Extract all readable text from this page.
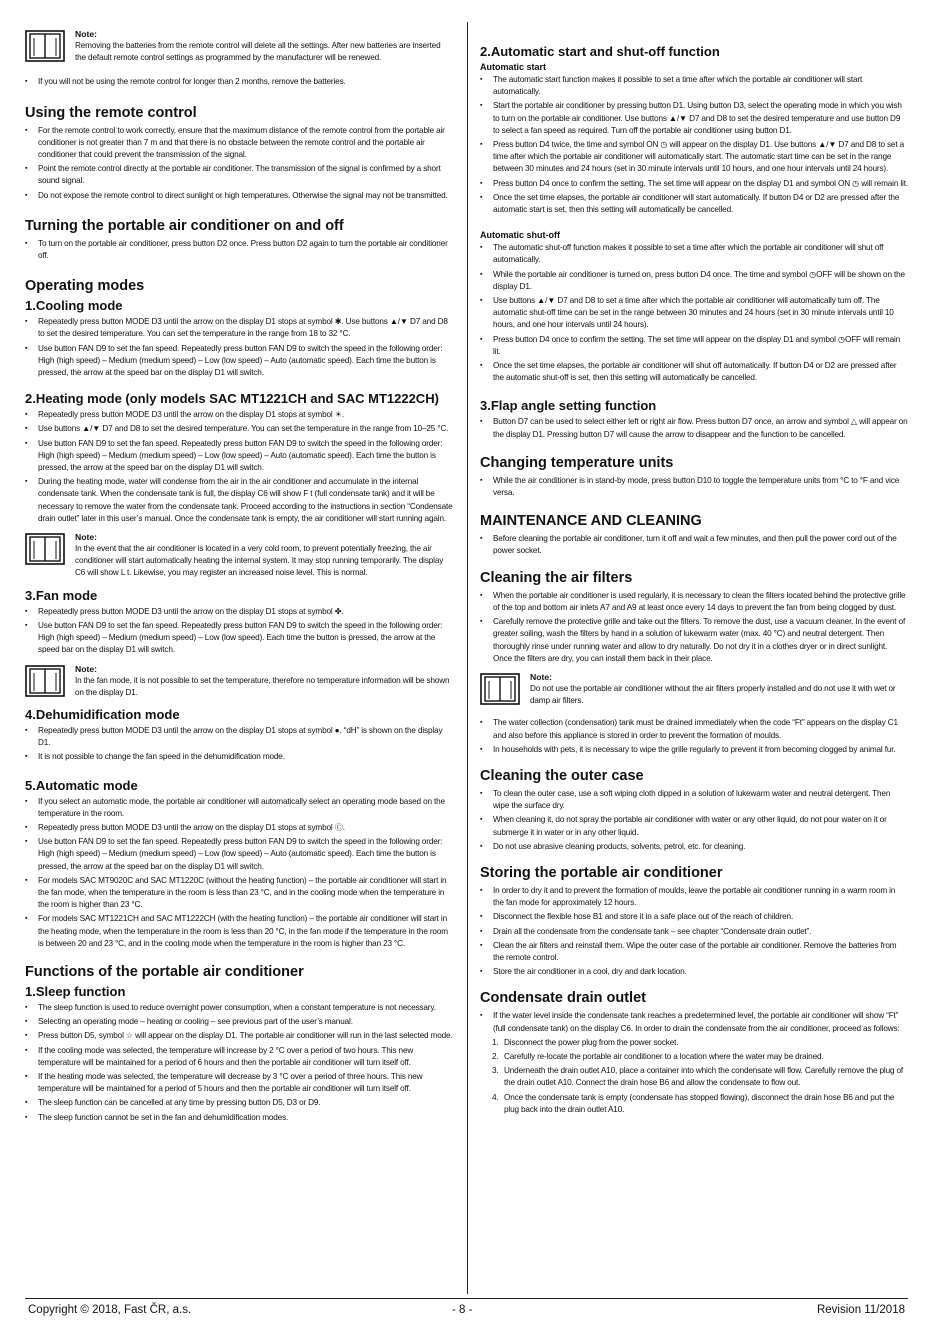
Note:
Removing the batteries from the remote control will delete all the settings. After new batteries are inserted the default remote control settings as programmed by the manufacturer will be renewed.
▪ If you will not be using the remote control for longer than 2 months, remove the batteries.
Using the remote control
▪ For the remote control to work correctly, ensure that the maximum distance of the remote control from the portable air conditioner is not greater than 7 m and that there is no obstacle between the remote control and the portable air conditioner that could prevent the transmission of the signal.
▪ Point the remote control directly at the portable air conditioner. The transmission of the signal is confirmed by a short sound signal.
▪ Do not expose the remote control to direct sunlight or high temperatures. Otherwise the signal may not be transmitted.
Turning the portable air conditioner on and off
▪ To turn on the portable air conditioner, press button D2 once. Press button D2 again to turn the portable air conditioner off.
Operating modes
1.Cooling mode
▪ Repeatedly press button MODE D3 until the arrow on the display D1 stops at symbol ✱. Use buttons ▲/▼ D7 and D8 to set the desired temperature. You can set the temperature in the range from 18 to 32 °C.
▪ Use button FAN D9 to set the fan speed. Repeatedly press button FAN D9 to switch the speed in the following order: High (high speed) – Medium (medium speed) – Low (low speed) – Auto (automatic speed). Each time the button is pressed, the arrow at the speed bar on the display D1 will switch.
2.Heating mode (only models SAC MT1221CH and SAC MT1222CH)
▪ Repeatedly press button MODE D3 until the arrow on the display D1 stops at symbol ☀.
▪ Use buttons ▲/▼ D7 and D8 to set the desired temperature. You can set the temperature in the range from 10–25 °C.
▪ Use button FAN D9 to set the fan speed. Repeatedly press button FAN D9 to switch the speed in the following order: High (high speed) – Medium (medium speed) – Low (low speed) – Auto (automatic speed). Each time the button is pressed, the arrow at the speed bar on the display D1 will switch.
▪ During the heating mode, water will condense from the air in the air conditioner and accumulate in the internal condensate tank. When the condensate tank is full, the display C6 will show F t (full condensate tank) and it will be necessary to remove the water from the condensate tank. Proceed according to the instructions in section “Condensate drain outlet” later in this user’s manual. Once the condensate tank is empty, the air conditioner will start running again.
Note:
In the event that the air conditioner is located in a very cold room, to prevent potentially freezing, the air conditioner will start automatically heating the internal system. It may stop running temporarily. The display C6 will show L t. Likewise, you may register an increased noise level. This is normal.
3.Fan mode
▪ Repeatedly press button MODE D3 until the arrow on the display D1 stops at symbol ✤.
▪ Use button FAN D9 to set the fan speed. Repeatedly press button FAN D9 to switch the speed in the following order: High (high speed) – Medium (medium speed) – Low (low speed). Each time the button is pressed, the arrow at the speed bar on the display D1 will switch.
Note:
In the fan mode, it is not possible to set the temperature, therefore no temperature information will be shown on the display D1.
4.Dehumidification mode
▪ Repeatedly press button MODE D3 until the arrow on the display D1 stops at symbol ●. “dH” is shown on the display D1.
▪ It is not possible to change the fan speed in the dehumidification mode.
5.Automatic mode
▪ If you select an automatic mode, the portable air conditioner will automatically select an operating mode based on the temperature in the room.
▪ Repeatedly press button MODE D3 until the arrow on the display D1 stops at symbol Ⓒ.
▪ Use button FAN D9 to set the fan speed. Repeatedly press button FAN D9 to switch the speed in the following order: High (high speed) – Medium (medium speed) – Low (low speed) – Auto (automatic speed). Each time the button is pressed, the arrow at the speed bar on the display D1 will switch.
▪ For models SAC MT9020C and SAC MT1220C (without the heating function) – the portable air conditioner will start in the fan mode, when the temperature in the room is less than 23 °C, and in the cooling mode when the temperature in the room is higher than 23 °C.
▪ For models SAC MT1221CH and SAC MT1222CH (with the heating function) – the portable air conditioner will start in the heating mode, when the temperature in the room is less than 20 °C, in the fan mode if the temperature in the room is between 20 and 23 °C, and in the cooling mode when the temperature in the room is higher than 23 °C.
Functions of the portable air conditioner
1.Sleep function
▪ The sleep function is used to reduce overnight power consumption, when a constant temperature is not necessary.
▪ Selecting an operating mode – heating or cooling – see previous part of the user’s manual.
▪ Press button D5, symbol ☆ will appear on the display D1. The portable air conditioner will run in the last selected mode.
▪ If the cooling mode was selected, the temperature will increase by 2 °C over a period of two hours. This new temperature will be maintained for a period of 6 hours and then the portable air conditioner will turn itself off.
▪ If the heating mode was selected, the temperature will decrease by 3 °C over a period of three hours. This new temperature will be maintained for a period of 5 hours and then the portable air conditioner will turn itself off.
▪ The sleep function can be cancelled at any time by pressing button D5, D3 or D9.
▪ The sleep function cannot be set in the fan and dehumidification modes.
2.Automatic start and shut-off function
Automatic start
▪ The automatic start function makes it possible to set a time after which the portable air conditioner will start automatically.
▪ Start the portable air conditioner by pressing button D1. Using button D3, select the operating mode in which you wish to turn on the portable air conditioner. Use buttons ▲/▼ D7 and D8 to set the desired temperature and use button D9 to select a fan speed as required. Turn off the portable air conditioner using button D1.
▪ Press button D4 twice, the time and symbol ON ◷ will appear on the display D1. Use buttons ▲/▼ D7 and D8 to set a time after which the portable air conditioner will automatically start. The automatic start time can be set in the range between 30 minutes and 24 hours (set in 30 minute intervals until 10 hours, and one hour intervals until 24 hours).
▪ Press button D4 once to confirm the setting. The set time will appear on the display D1 and symbol ON ◷ will remain lit.
▪ Once the set time elapses, the portable air conditioner will start automatically. If button D4 or D2 are pressed after the automatic start is set, then this setting will automatically be cancelled.
Automatic shut-off
▪ The automatic shut-off function makes it possible to set a time after which the portable air conditioner will shut off automatically.
▪ While the portable air conditioner is turned on, press button D4 once. The time and symbol ◷OFF will be shown on the display D1.
▪ Use buttons ▲/▼ D7 and D8 to set a time after which the portable air conditioner will automatically turn off. The automatic shut-off time can be set in the range between 30 minutes and 24 hours (set in 30 minute intervals until 10 hours, and one hour intervals until 24 hours).
▪ Press button D4 once to confirm the setting. The set time will appear on the display D1 and symbol ◷OFF will remain lit.
▪ Once the set time elapses, the portable air conditioner will shut off automatically. If button D4 or D2 are pressed after the automatic shut-off is set, then this setting will automatically be cancelled.
3.Flap angle setting function
▪ Button D7 can be used to select either left or right air flow. Press button D7 once, an arrow and symbol △ will appear on the display D1. Pressing button D7 will cause the arrow to disappear and the function to be cancelled.
Changing temperature units
▪ While the air conditioner is in stand-by mode, press button D10 to toggle the temperature units from °C to °F and vice versa.
MAINTENANCE AND CLEANING
▪ Before cleaning the portable air conditioner, turn it off and wait a few minutes, and then pull the power cord out of the power socket.
Cleaning the air filters
▪ When the portable air conditioner is used regularly, it is necessary to clean the filters located behind the protective grille of the top and bottom air inlets A7 and A9 at least once every 14 days to prevent the fan from being clogged by dust.
▪ Carefully remove the protective grille and take out the filters. To remove the dust, use a vacuum cleaner. In the event of greater soiling, wash the filters by hand in a solution of lukewarm water (max. 40 °C) and neutral detergent. Then thoroughly rinse under running water and allow to dry naturally. Do not dry it in a clothes dryer or in direct sunlight. Once the filters are dry, you can install them back in their place.
Note:
Do not use the portable air conditioner without the air filters properly installed and do not use it with wet or damp air filters.
▪ The water collection (condensation) tank must be drained immediately when the code “Ft” appears on the display C1 and also before this appliance is stored in order to prevent the formation of moulds.
▪ In households with pets, it is necessary to wipe the grille regularly to prevent it from becoming clogged by animal fur.
Cleaning the outer case
▪ To clean the outer case, use a soft wiping cloth dipped in a solution of lukewarm water and neutral detergent. Then wipe the surface dry.
▪ When cleaning it, do not spray the portable air conditioner with water or any other liquid, do not pour water on it or submerge it in water or in any other liquid.
▪ Do not use abrasive cleaning products, solvents, petrol, etc. for cleaning.
Storing the portable air conditioner
▪ In order to dry it and to prevent the formation of moulds, leave the portable air conditioner running in a warm room in the fan mode for approximately 12 hours.
▪ Disconnect the flexible hose B1 and store it in a safe place out of the reach of children.
▪ Drain all the condensate from the condensate tank – see chapter “Condensate drain outlet”.
▪ Clean the air filters and reinstall them. Wipe the outer case of the portable air conditioner. Remove the batteries from the remote control.
▪ Store the air conditioner in a cool, dry and dark location.
Condensate drain outlet
▪ If the water level inside the condensate tank reaches a predetermined level, the portable air conditioner will show “Ft” (full condensate tank) on the display C6. In order to drain the condensate from the air conditioner, proceed as follows:
1. Disconnect the power plug from the power socket.
2. Carefully re-locate the portable air conditioner to a location where the water may be drained.
3. Underneath the drain outlet A10, place a container into which the condensate will flow. Carefully remove the plug of the drain outlet A10. Connect the drain hose B6 and allow the condensate to flow out.
4. Once the condensate tank is empty (condensate has stopped flowing), disconnect the drain hose B6 and put the plug back into the drain outlet A10.
Copyright © 2018, Fast ČR, a.s.	- 8 -	Revision 11/2018
